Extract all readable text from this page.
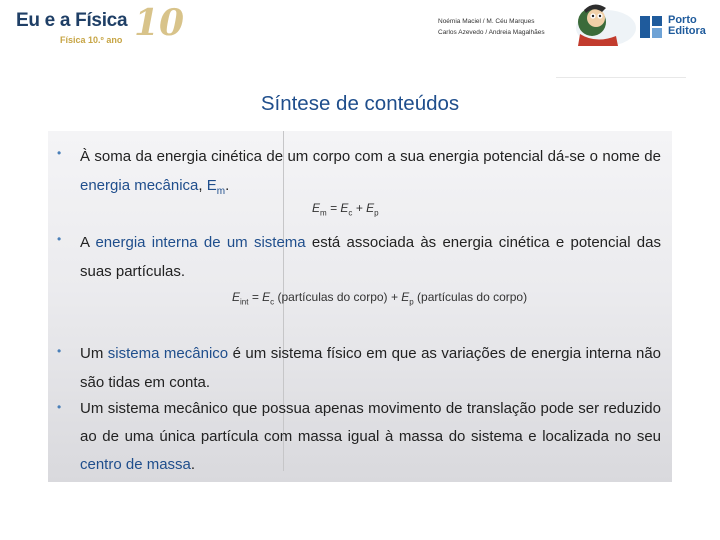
Eu e a Física 10
Física 10.º ano
Noémia Maciel / M. Céu Marques
Carlos Azevedo / Andreia Magalhães
Porto
Editora
Síntese de conteúdos
• À soma da energia cinética de um corpo com a sua energia potencial dá-se o nome de energia mecânica, $E_m$.
$E_m = E_c + E_p$
• A energia interna de um sistema está associada às energia cinética e potencial das suas partículas.
$E_{int} = E_c$ (partículas do corpo) + $E_p$ (partículas do corpo)
• Um sistema mecânico é um sistema físico em que as variações de energia interna não são tidas em conta.
• Um sistema mecânico que possua apenas movimento de translação pode ser reduzido ao de uma única partícula com massa igual à massa do sistema e localizada no seu centro de massa.
